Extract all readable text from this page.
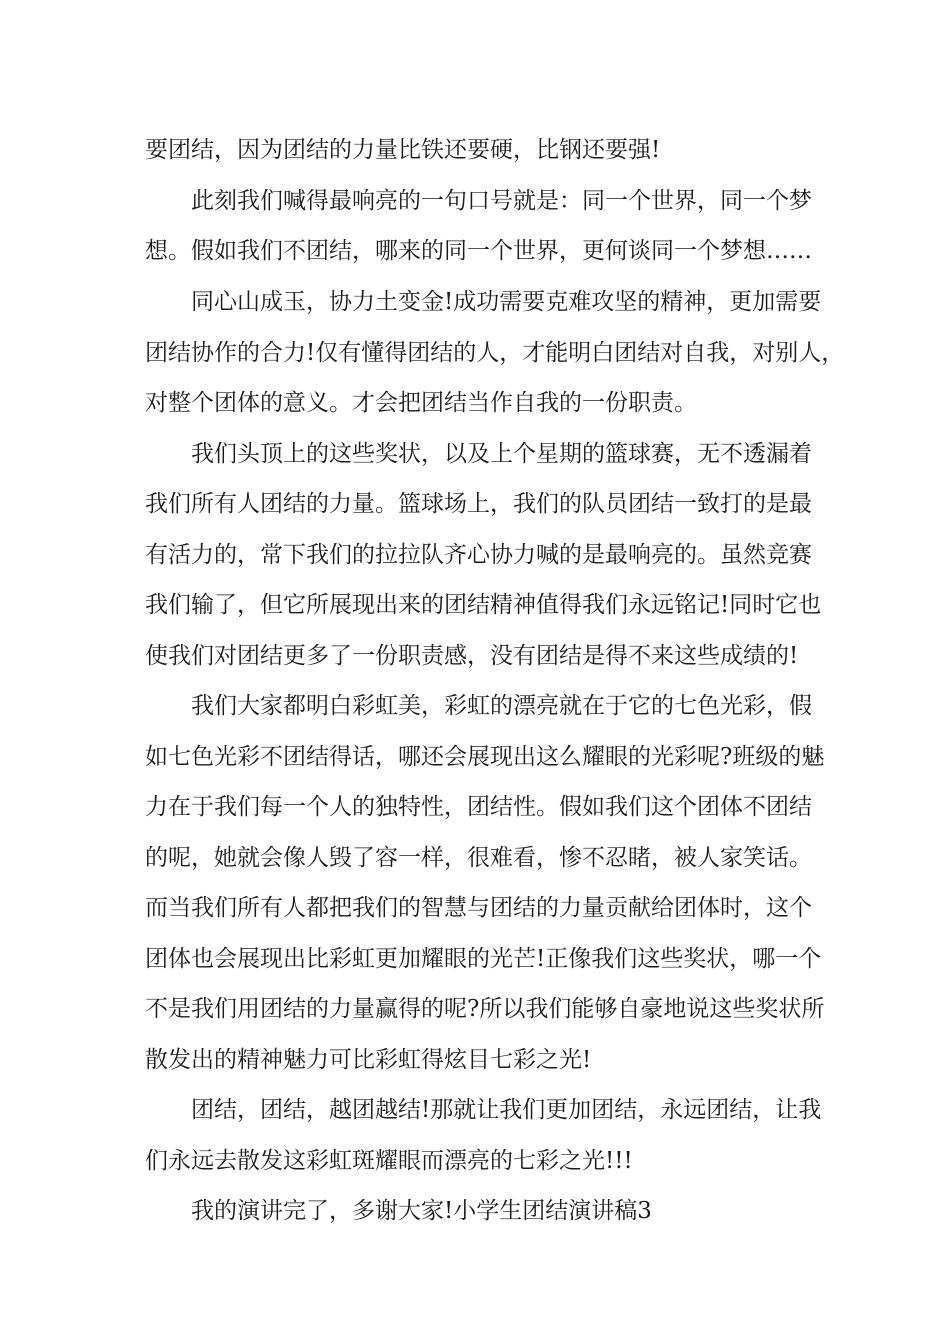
要团结，因为团结的力量比铁还要硬，比钢还要强!
此刻我们喊得最响亮的一句口号就是：同一个世界，同一个梦
想。假如我们不团结，哪来的同一个世界，更何谈同一个梦想……
同心山成玉，协力土变金!成功需要克难攻坚的精神，更加需要
团结协作的合力!仅有懂得团结的人，才能明白团结对自我，对别人，
对整个团体的意义。才会把团结当作自我的一份职责。
我们头顶上的这些奖状，以及上个星期的篮球赛，无不透漏着
我们所有人团结的力量。篮球场上，我们的队员团结一致打的是最
有活力的，常下我们的拉拉队齐心协力喊的是最响亮的。虽然竞赛
我们输了，但它所展现出来的团结精神值得我们永远铭记!同时它也
使我们对团结更多了一份职责感，没有团结是得不来这些成绩的!
我们大家都明白彩虹美，彩虹的漂亮就在于它的七色光彩，假
如七色光彩不团结得话，哪还会展现出这么耀眼的光彩呢?班级的魅
力在于我们每一个人的独特性，团结性。假如我们这个团体不团结
的呢，她就会像人毁了容一样，很难看，惨不忍睹，被人家笑话。
而当我们所有人都把我们的智慧与团结的力量贡献给团体时，这个
团体也会展现出比彩虹更加耀眼的光芒!正像我们这些奖状，哪一个
不是我们用团结的力量赢得的呢?所以我们能够自豪地说这些奖状所
散发出的精神魅力可比彩虹得炫目七彩之光!
团结，团结，越团越结!那就让我们更加团结，永远团结，让我
们永远去散发这彩虹斑耀眼而漂亮的七彩之光!!!
我的演讲完了，多谢大家!小学生团结演讲稿3
